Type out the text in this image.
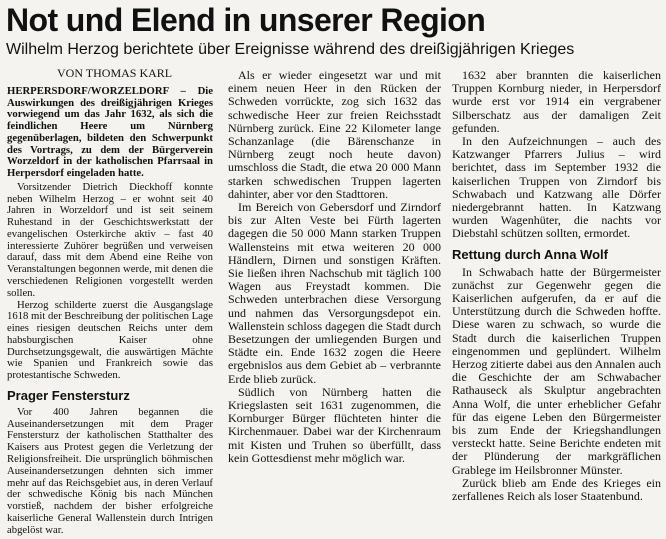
Not und Elend in unserer Region
Wilhelm Herzog berichtete über Ereignisse während des dreißigjährigen Krieges
VON THOMAS KARL

HERPERSDORF/WORZELDORF – Die Auswirkungen des dreißigjährigen Krieges vorwiegend um das Jahr 1632, als sich die feindlichen Heere um Nürnberg gegenüberlagen, bildeten den Schwerpunkt des Vortrags, zu dem der Bürgerverein Worzeldorf in der katholischen Pfarrsaal in Herpersdorf eingeladen hatte.

Vorsitzender Dietrich Dieckhoff konnte neben Wilhelm Herzog – er wohnt seit 40 Jahren in Worzeldorf und ist seit seinem Ruhestand in der Geschichtswerkstatt der evangelischen Osterkirche aktiv – fast 40 interessierte Zuhörer begrüßen und verweisen darauf, dass mit dem Abend eine Reihe von Veranstaltungen begonnen werde, mit denen die verschiedenen Religionen vorgestellt werden sollen.

Herzog schilderte zuerst die Ausgangslage 1618 mit der Beschreibung der politischen Lage eines riesigen deutschen Reichs unter dem habsburgischen Kaiser ohne Durchsetzungsgewalt, die auswärtigen Mächte wie Spanien und Frankreich sowie das protestantische Schweden.

Prager Fenstersturz

Vor 400 Jahren begannen die Auseinandersetzungen mit dem Prager Fenstersturz der katholischen Statthalter des Kaisers aus Protest gegen die Verletzung der Religionsfreiheit. Die ursprünglich böhmischen Auseinandersetzungen dehnten sich immer mehr auf das Reichsgebiet aus, in deren Verlauf der schwedische König bis nach München vorstieß, nachdem der bisher erfolgreiche kaiserliche General Wallenstein durch Intrigen abgelöst war.

Als er wieder eingesetzt war und mit einem neuen Heer in den Rücken der Schweden vorrückte, zog sich 1632 das schwedische Heer zur freien Reichsstadt Nürnberg zurück. Eine 22 Kilometer lange Schanzanlage (die Bärenschanze in Nürnberg zeugt noch heute davon) umschloss die Stadt, die etwa 20 000 Mann starken schwedischen Truppen lagerten dahinter, aber vor den Stadttoren.

Im Bereich von Gebersdorf und Zirndorf bis zur Alten Veste bei Fürth lagerten dagegen die 50 000 Mann starken Truppen Wallensteins mit etwa weiteren 20 000 Händlern, Dirnen und sonstigen Kräften. Sie ließen ihren Nachschub mit täglich 100 Wagen aus Freystadt kommen. Die Schweden unterbrachen diese Versorgung und nahmen das Versorgungsdepot ein. Wallenstein schloss dagegen die Stadt durch Besetzungen der umliegenden Burgen und Städte ein. Ende 1632 zogen die Heere ergebnislos aus dem Gebiet ab – verbrannte Erde blieb zurück.

Südlich von Nürnberg hatten die Kriegslasten seit 1631 zugenommen, die Kornburger Bürger flüchteten hinter die Kirchenmauer. Dabei war der Kirchenraum mit Kisten und Truhen so überfüllt, dass kein Gottesdienst mehr möglich war.

1632 aber brannten die kaiserlichen Truppen Kornburg nieder, in Herpersdorf wurde erst vor 1914 ein vergrabener Silberschatz aus der damaligen Zeit gefunden.

In den Aufzeichnungen – auch des Katzwanger Pfarrers Julius – wird berichtet, dass im September 1932 die kaiserlichen Truppen von Zirndorf bis Schwabach und Katzwang alle Dörfer niedergebrannt hatten. In Katzwang wurden Wagenhüter, die nachts vor Diebstahl schützen sollten, ermordet.

Rettung durch Anna Wolf

In Schwabach hatte der Bürgermeister zunächst zur Gegenwehr gegen die Kaiserlichen aufgerufen, da er auf die Unterstützung durch die Schweden hoffte. Diese waren zu schwach, so wurde die Stadt durch die kaiserlichen Truppen eingenommen und geplündert. Wilhelm Herzog zitierte dabei aus den Annalen auch die Geschichte der am Schwabacher Rathauseck als Skulptur angebrachten Anna Wolf, die unter erheblicher Gefahr für das eigene Leben den Bürgermeister bis zum Ende der Kriegshandlungen versteckt hatte. Seine Berichte endeten mit der Plünderung der markgräflichen Grablege im Heilsbronner Münster.

Zurück blieb am Ende des Krieges ein zerfallenes Reich als loser Staatenbund.
